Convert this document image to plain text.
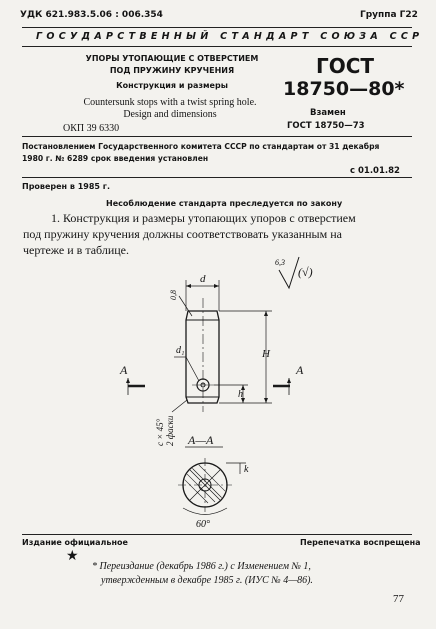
УДК 621.983.5.06 : 006.354	Группа Г22
ГОСУДАРСТВЕННЫЙ СТАНДАРТ СОЮЗА ССР
УПОРЫ УТОПАЮЩИЕ С ОТВЕРСТИЕМ
ПОД ПРУЖИНУ КРУЧЕНИЯ
Конструкция и размеры
Countersunk stops with a twist spring hole.
Design and dimensions
ОКП 39 6330
ГОСТ
18750—80*
Взамен
ГОСТ 18750—73
Постановлением Государственного комитета СССР по стандартам от 31 декабря
1980 г. № 6289 срок введения установлен
с 01.01.82
Проверен в 1985 г.
Несоблюдение стандарта преследуется по закону
1. Конструкция и размеры утопающих упоров с отверстием
под пружину кручения должны соответствовать указанным на
чертеже и в таблице.
6,3
(√)
d
0,8
d₁	H
h
А	А
c × 45° 2 фаски А—А
k
60°
Издание официальное	Перепечатка воспрещена
★
* Переиздание (декабрь 1986 г.) с Изменением № 1,
утвержденным в декабре 1985 г. (ИУС № 4—86).
77
